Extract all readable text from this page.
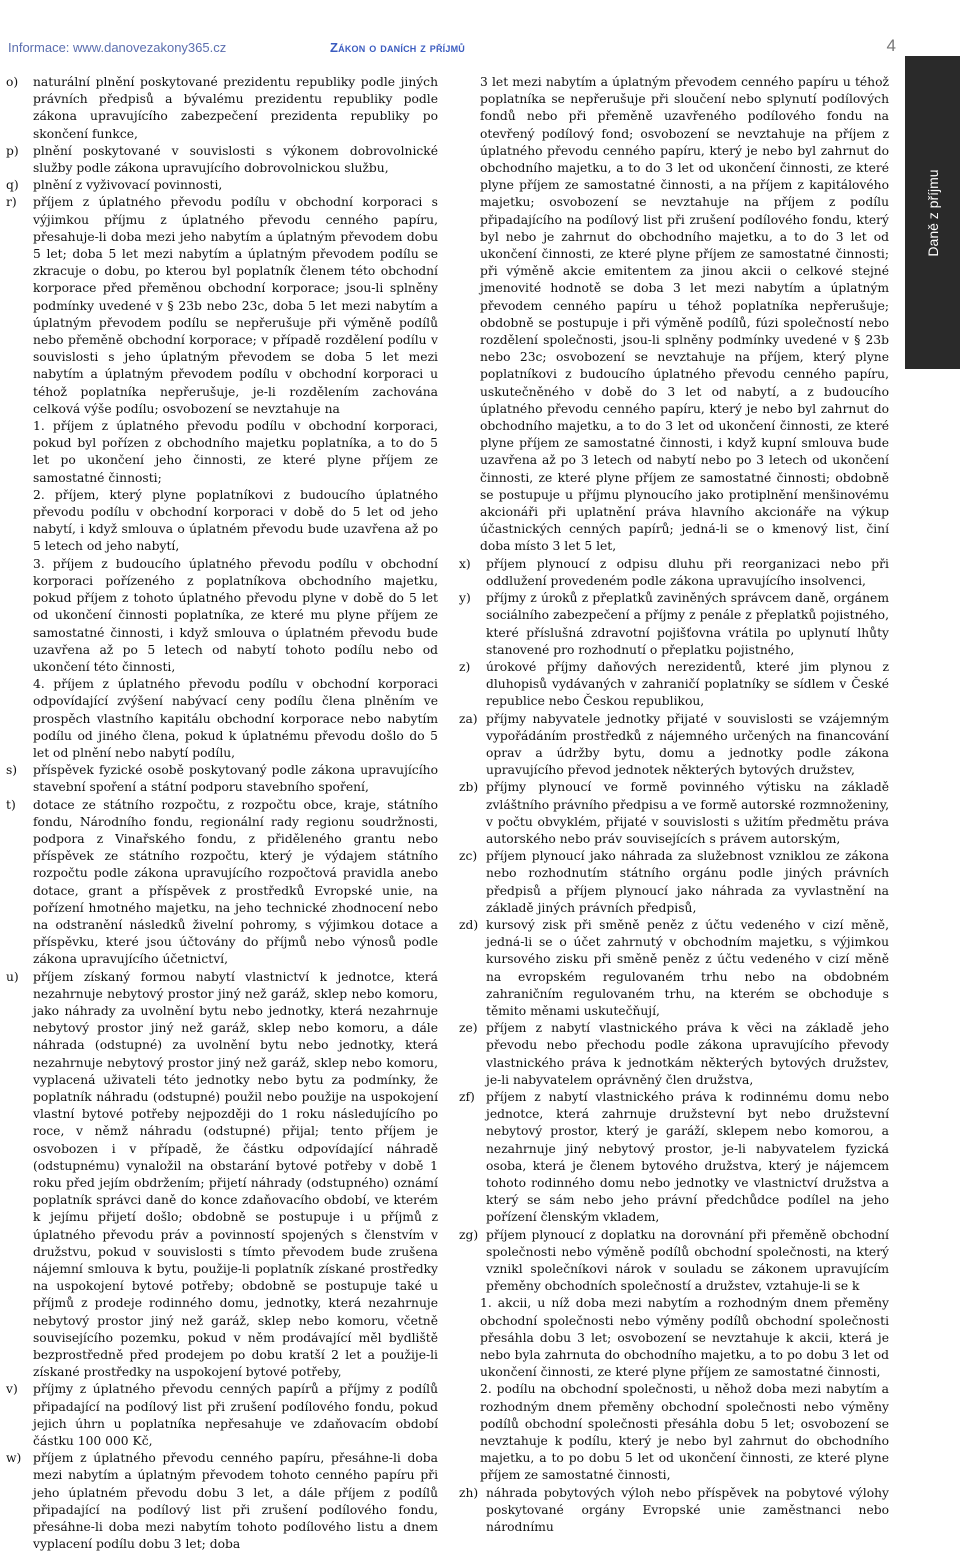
Informace: www.danovezakony365.cz	Zákon o daních z příjmů	4
Daně z příjmu

o) naturální plnění poskytované prezidentu republiky podle jiných právních předpisů a bývalému prezidentu republiky podle zákona upravujícího zabezpečení prezidenta republiky po skončení funkce,

p) plnění poskytované v souvislosti s výkonem dobrovolnické služby podle zákona upravujícího dobrovolnickou službu,

q) plnění z vyživovací povinnosti,

r) příjem z úplatného převodu podílu v obchodní korporaci s výjimkou příjmu z úplatného převodu cenného papíru, přesahuje-li doba mezi jeho nabytím a úplatným převodem dobu 5 let; doba 5 let mezi nabytím a úplatným převodem podílu se zkracuje o dobu, po kterou byl poplatník členem této obchodní korporace před přeměnou obchodní korporace; jsou-li splněny podmínky uvedené v § 23b nebo 23c, doba 5 let mezi nabytím a úplatným převodem podílu se nepřerušuje při výměně podílů nebo přeměně obchodní korporace; v případě rozdělení podílu v souvislosti s jeho úplatným převodem se doba 5 let mezi nabytím a úplatným převodem podílu v obchodní korporaci u téhož poplatníka nepřerušuje, je-li rozdělením zachována celková výše podílu; osvobození se nevztahuje na

1. příjem z úplatného převodu podílu v obchodní korporaci, pokud byl pořízen z obchodního majetku poplatníka, a to do 5 let po ukončení jeho činnosti, ze které plyne příjem ze samostatné činnosti;

2. příjem, který plyne poplatníkovi z budoucího úplatného převodu podílu v obchodní korporaci v době do 5 let od jeho nabytí, i když smlouva o úplatném převodu bude uzavřena až po 5 letech od jeho nabytí,

3. příjem z budoucího úplatného převodu podílu v obchodní korporaci pořízeného z poplatníkova obchodního majetku, pokud příjem z tohoto úplatného převodu plyne v době do 5 let od ukončení činnosti poplatníka, ze které mu plyne příjem ze samostatné činnosti, i když smlouva o úplatném převodu bude uzavřena až po 5 letech od nabytí tohoto podílu nebo od ukončení této činnosti,

4. příjem z úplatného převodu podílu v obchodní korporaci odpovídající zvýšení nabývací ceny podílu člena plněním ve prospěch vlastního kapitálu obchodní korporace nebo nabytím podílu od jiného člena, pokud k úplatnému převodu došlo do 5 let od plnění nebo nabytí podílu,

s) příspěvek fyzické osobě poskytovaný podle zákona upravujícího stavební spoření a státní podporu stavebního spoření,

t) dotace ze státního rozpočtu, z rozpočtu obce, kraje, státního fondu, Národního fondu, regionální rady regionu soudržnosti, podpora z Vinařského fondu, z přiděleného grantu nebo příspěvek ze státního rozpočtu, který je výdajem státního rozpočtu podle zákona upravujícího rozpočtová pravidla anebo dotace, grant a příspěvek z prostředků Evropské unie, na pořízení hmotného majetku, na jeho technické zhodnocení nebo na odstranění následků živelní pohromy, s výjimkou dotace a příspěvku, které jsou účtovány do příjmů nebo výnosů podle zákona upravujícího účetnictví,

u) příjem získaný formou nabytí vlastnictví k jednotce, která nezahrnuje nebytový prostor jiný než garáž, sklep nebo komoru, jako náhrady za uvolnění bytu nebo jednotky, která nezahrnuje nebytový prostor jiný než garáž, sklep nebo komoru, a dále náhrada (odstupné) za uvolnění bytu nebo jednotky, která nezahrnuje nebytový prostor jiný než garáž, sklep nebo komoru, vyplacená uživateli této jednotky nebo bytu za podmínky, že poplatník náhradu (odstupné) použil nebo použije na uspokojení vlastní bytové potřeby nejpozději do 1 roku následujícího po roce, v němž náhradu (odstupné) přijal; tento příjem je osvobozen i v případě, že částku odpovídající náhradě (odstupnému) vynaložil na obstarání bytové potřeby v době 1 roku před jejím obdržením; přijetí náhrady (odstupného) oznámí poplatník správci daně do konce zdaňovacího období, ve kterém k jejímu přijetí došlo; obdobně se postupuje i u příjmů z úplatného převodu práv a povinností spojených s členstvím v družstvu, pokud v souvislosti s tímto převodem bude zrušena nájemní smlouva k bytu, použije-li poplatník získané prostředky na uspokojení bytové potřeby; obdobně se postupuje také u příjmů z prodeje rodinného domu, jednotky, která nezahrnuje nebytový prostor jiný než garáž, sklep nebo komoru, včetně souvisejícího pozemku, pokud v něm prodávající měl bydliště bezprostředně před prodejem po dobu kratší 2 let a použije-li získané prostředky na uspokojení bytové potřeby,

v) příjmy z úplatného převodu cenných papírů a příjmy z podílů připadající na podílový list při zrušení podílového fondu, pokud jejich úhrn u poplatníka nepřesahuje ve zdaňovacím období částku 100 000 Kč,

w) příjem z úplatného převodu cenného papíru, přesáhne-li doba mezi nabytím a úplatným převodem tohoto cenného papíru při jeho úplatném převodu dobu 3 let, a dále příjem z podílů připadající na podílový list při zrušení podílového fondu, přesáhne-li doba mezi nabytím tohoto podílového listu a dnem vyplacení podílu dobu 3 let; doba

3 let mezi nabytím a úplatným převodem cenného papíru u téhož poplatníka se nepřerušuje při sloučení nebo splynutí podílových fondů nebo při přeměně uzavřeného podílového fondu na otevřený podílový fond; osvobození se nevztahuje na příjem z úplatného převodu cenného papíru, který je nebo byl zahrnut do obchodního majetku, a to do 3 let od ukončení činnosti, ze které plyne příjem ze samostatné činnosti, a na příjem z kapitálového majetku; osvobození se nevztahuje na příjem z podílu připadajícího na podílový list při zrušení podílového fondu, který byl nebo je zahrnut do obchodního majetku, a to do 3 let od ukončení činnosti, ze které plyne příjem ze samostatné činnosti; při výměně akcie emitentem za jinou akcii o celkové stejné jmenovité hodnotě se doba 3 let mezi nabytím a úplatným převodem cenného papíru u téhož poplatníka nepřerušuje; obdobně se postupuje i při výměně podílů, fúzi společností nebo rozdělení společnosti, jsou-li splněny podmínky uvedené v § 23b nebo 23c; osvobození se nevztahuje na příjem, který plyne poplatníkovi z budoucího úplatného převodu cenného papíru, uskutečněného v době do 3 let od nabytí, a z budoucího úplatného převodu cenného papíru, který je nebo byl zahrnut do obchodního majetku, a to do 3 let od ukončení činnosti, ze které plyne příjem ze samostatné činnosti, i když kupní smlouva bude uzavřena až po 3 letech od nabytí nebo po 3 letech od ukončení činnosti, ze které plyne příjem ze samostatné činnosti; obdobně se postupuje u příjmu plynoucího jako protiplnění menšinovému akcionáři při uplatnění práva hlavního akcionáře na výkup účastnických cenných papírů; jedná-li se o kmenový list, činí doba místo 3 let 5 let,

x) příjem plynoucí z odpisu dluhu při reorganizaci nebo při oddlužení provedeném podle zákona upravujícího insolvenci,

y) příjmy z úroků z přeplatků zaviněných správcem daně, orgánem sociálního zabezpečení a příjmy z penále z přeplatků pojistného, které příslušná zdravotní pojišťovna vrátila po uplynutí lhůty stanovené pro rozhodnutí o přeplatku pojistného,

z) úrokové příjmy daňových nerezidentů, které jim plynou z dluhopisů vydávaných v zahraničí poplatníky se sídlem v České republice nebo Českou republikou,

za) příjmy nabyvatele jednotky přijaté v souvislosti se vzájemným vypořádáním prostředků z nájemného určených na financování oprav a údržby bytu, domu a jednotky podle zákona upravujícího převod jednotek některých bytových družstev,

zb) příjmy plynoucí ve formě povinného výtisku na základě zvláštního právního předpisu a ve formě autorské rozmnoženiny, v počtu obvyklém, přijaté v souvislosti s užitím předmětu práva autorského nebo práv souvisejících s právem autorským,

zc) příjem plynoucí jako náhrada za služebnost vzniklou ze zákona nebo rozhodnutím státního orgánu podle jiných právních předpisů a příjem plynoucí jako náhrada za vyvlastnění na základě jiných právních předpisů,

zd) kursový zisk při směně peněz z účtu vedeného v cizí měně, jedná-li se o účet zahrnutý v obchodním majetku, s výjimkou kursového zisku při směně peněz z účtu vedeného v cizí měně na evropském regulovaném trhu nebo na obdobném zahraničním regulovaném trhu, na kterém se obchoduje s těmito měnami uskutečňují,

ze) příjem z nabytí vlastnického práva k věci na základě jeho převodu nebo přechodu podle zákona upravujícího převody vlastnického práva k jednotkám některých bytových družstev, je-li nabyvatelem oprávněný člen družstva,

zf) příjem z nabytí vlastnického práva k rodinnému domu nebo jednotce, která zahrnuje družstevní byt nebo družstevní nebytový prostor, který je garáží, sklepem nebo komorou, a nezahrnuje jiný nebytový prostor, je-li nabyvatelem fyzická osoba, která je členem bytového družstva, který je nájemcem tohoto rodinného domu nebo jednotky ve vlastnictví družstva a který se sám nebo jeho právní předchůdce podílel na jeho pořízení členským vkladem,

zg) příjem plynoucí z doplatku na dorovnání při přeměně obchodní společnosti nebo výměně podílů obchodní společnosti, na který vznikl společníkovi nárok v souladu se zákonem upravujícím přeměny obchodních společností a družstev, vztahuje-li se k

1. akcii, u níž doba mezi nabytím a rozhodným dnem přeměny obchodní společnosti nebo výměny podílů obchodní společnosti přesáhla dobu 3 let; osvobození se nevztahuje k akcii, která je nebo byla zahrnuta do obchodního majetku, a to po dobu 3 let od ukončení činnosti, ze které plyne příjem ze samostatné činnosti,

2. podílu na obchodní společnosti, u něhož doba mezi nabytím a rozhodným dnem přeměny obchodní společnosti nebo výměny podílů obchodní společnosti přesáhla dobu 5 let; osvobození se nevztahuje k podílu, který je nebo byl zahrnut do obchodního majetku, a to po dobu 5 let od ukončení činnosti, ze které plyne příjem ze samostatné činnosti,

zh) náhrada pobytových výloh nebo příspěvek na pobytové výlohy poskytované orgány Evropské unie zaměstnanci nebo národnímu
